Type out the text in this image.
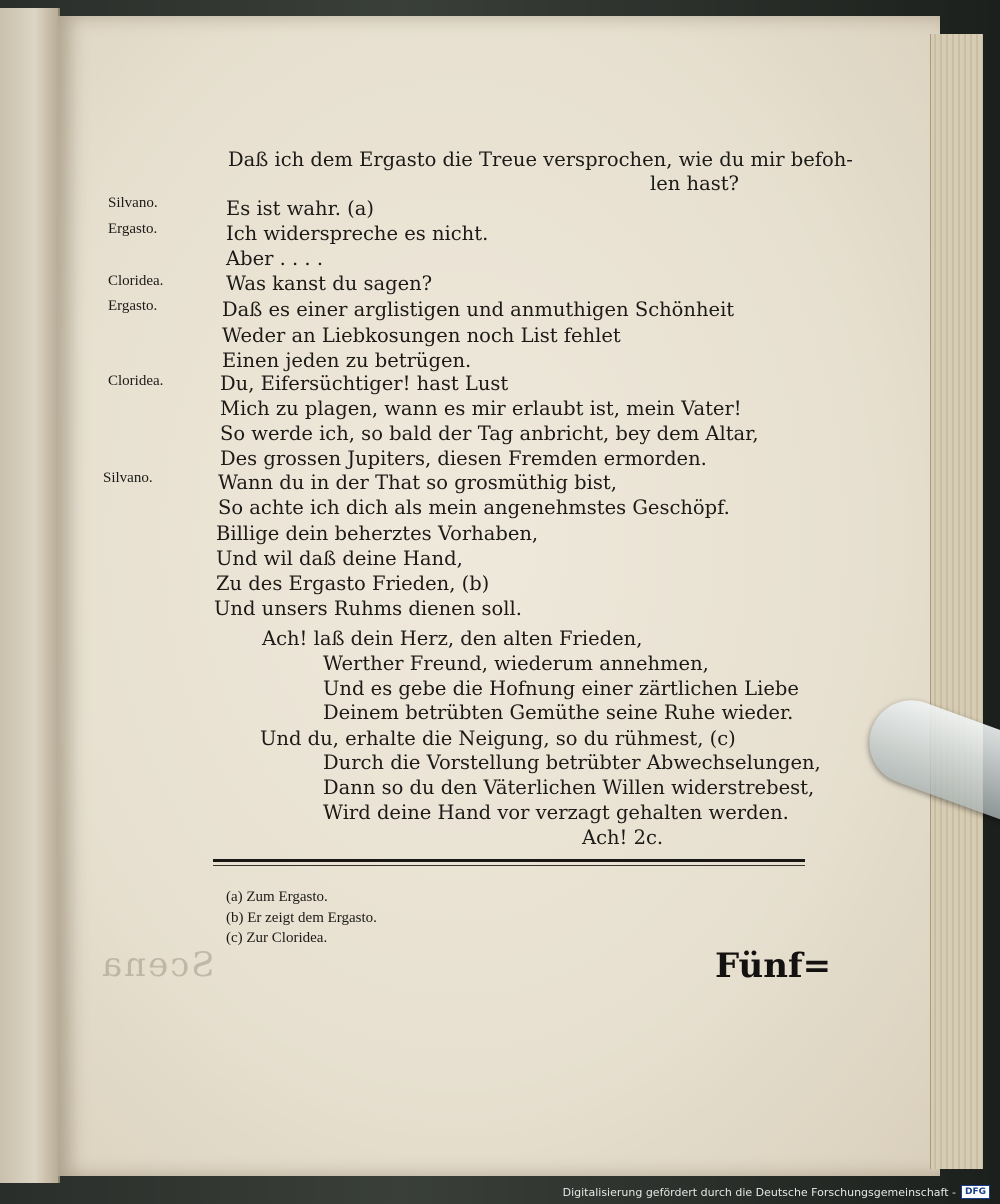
Scena
Silvano.
Ergasto.
Cloridea.
Ergasto.
Cloridea.
Silvano.
Daß ich dem Ergasto die Treue versprochen, wie du mir befoh-
len hast?
Es ist wahr. (a)
Ich widerspreche es nicht.
Aber . . . .
Was kanst du sagen?
Daß es einer arglistigen und anmuthigen Schönheit
Weder an Liebkosungen noch List fehlet
Einen jeden zu betrügen.
Du, Eifersüchtiger! hast Lust
Mich zu plagen, wann es mir erlaubt ist, mein Vater!
So werde ich, so bald der Tag anbricht, bey dem Altar,
Des grossen Jupiters, diesen Fremden ermorden.
Wann du in der That so grosmüthig bist,
So achte ich dich als mein angenehmstes Geschöpf.
Billige dein beherztes Vorhaben,
Und wil daß deine Hand,
Zu des Ergasto Frieden, (b)
Und unsers Ruhms dienen soll.
Ach! laß dein Herz, den alten Frieden,
Werther Freund, wiederum annehmen,
Und es gebe die Hofnung einer zärtlichen Liebe
Deinem betrübten Gemüthe seine Ruhe wieder.
Und du, erhalte die Neigung, so du rühmest, (c)
Durch die Vorstellung betrübter Abwechselungen,
Dann so du den Väterlichen Willen widerstrebest,
Wird deine Hand vor verzagt gehalten werden.
Ach! 2c.
(a) Zum Ergasto.
(b) Er zeigt dem Ergasto.
(c) Zur Cloridea.
Fünf=
Digitalisierung gefördert durch die Deutsche Forschungsgemeinschaft -	DFG
